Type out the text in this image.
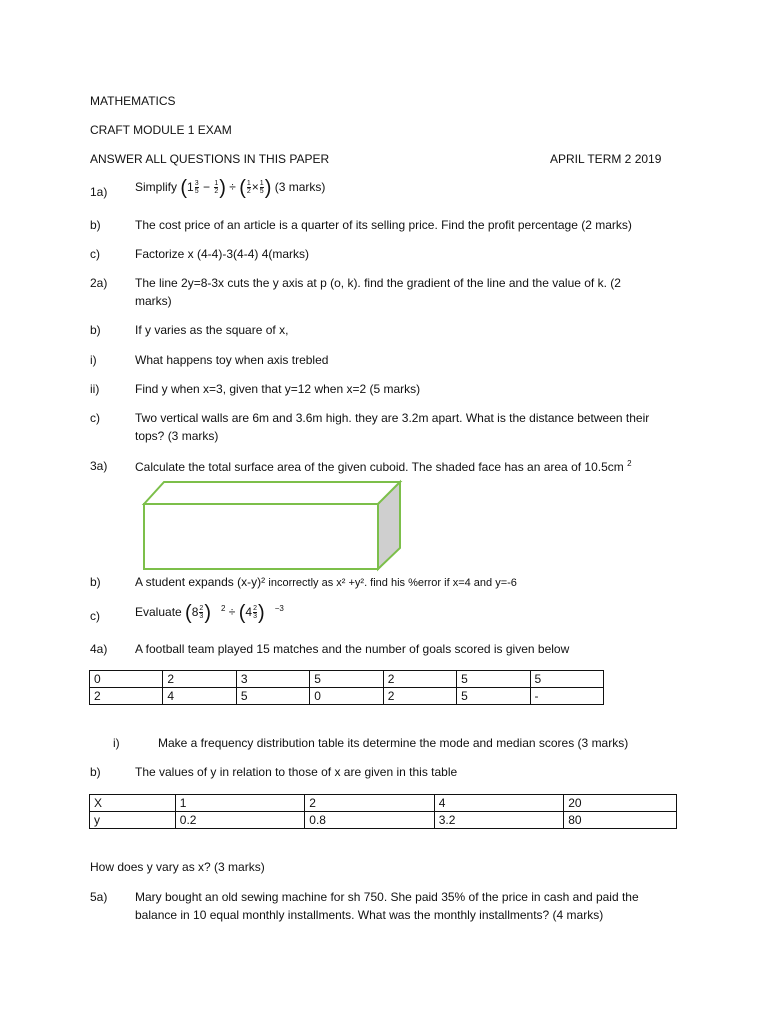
MATHEMATICS
CRAFT MODULE 1 EXAM
ANSWER ALL QUESTIONS IN THIS PAPER	APRIL TERM 2 2019
1a) Simplify ($1 \frac{3}{5} - \frac{1}{2}$ ) ÷ ( $\frac{1}{2} \times \frac{1}{5}$ ) (3 marks)
b)	The cost price of an article is a quarter of its selling price. Find the profit percentage (2 marks)
c)	Factorize x (4-4)-3(4-4) 4(marks)
2a) The line 2y=8-3x cuts the y axis at p (o, k). find the gradient of the line and the value of k. (2 marks)
b)	If y varies as the square of x,
i)	What happens toy when axis trebled
ii)	Find y when x=3, given that y=12 when x=2 (5 marks)
c)	Two vertical walls are 6m and 3.6m high. they are 3.2m apart. What is the distance between their tops? (3 marks)
3a) Calculate the total surface area of the given cuboid. The shaded face has an area of 10.5cm $^2$
b)	A student expands (x-y)² incorrectly as x² +y². find his %error if x=4 and y=-6
c)	Evaluate ($8 \frac{2}{3}$ ) $^2 \div (4 \frac{2}{3}$ ) $^{-3}$
4a) A football team played 15 matches and the number of goals scored is given below
0	2	3	5	2	5	5
2	4	5	0	2	5	-
i)	Make a frequency distribution table its determine the mode and median scores (3 marks)
b)	The values of y in relation to those of x are given in this table
X	1	2	4	20
y	0.2	0.8	3.2	80
How does y vary as x? (3 marks)
5a) Mary bought an old sewing machine for sh 750. She paid 35% of the price in cash and paid the balance in 10 equal monthly installments. What was the monthly installments? (4 marks)
